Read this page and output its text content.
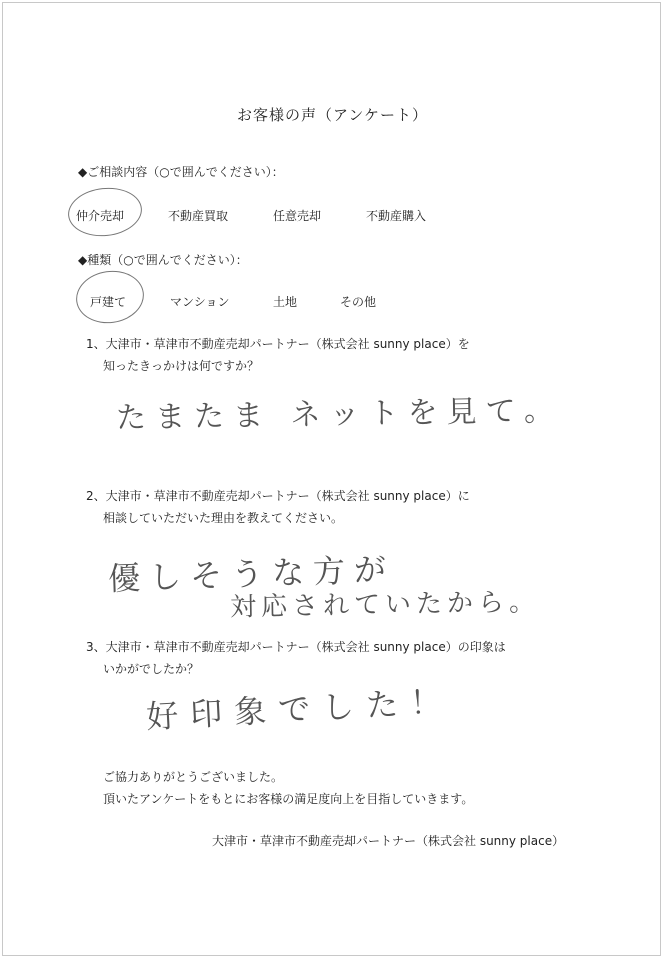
お客様の声（アンケート）
◆ご相談内容（○で囲んでください）：
仲介売却	不動産買取	任意売却	不動産購入
◆種類（○で囲んでください）：
戸建て	マンション	土地	その他
1、大津市・草津市不動産売却パートナー（株式会社 sunny place）を
知ったきっかけは何ですか？
たまたま ネットを見て。
2、大津市・草津市不動産売却パートナー（株式会社 sunny place）に
相談していただいた理由を教えてください。
優しそうな方が
対応されていたから。
3、大津市・草津市不動産売却パートナー（株式会社 sunny place）の印象は
いかがでしたか？
好印象でした！
ご協力ありがとうございました。
頂いたアンケートをもとにお客様の満足度向上を目指していきます。
大津市・草津市不動産売却パートナー（株式会社 sunny place）
